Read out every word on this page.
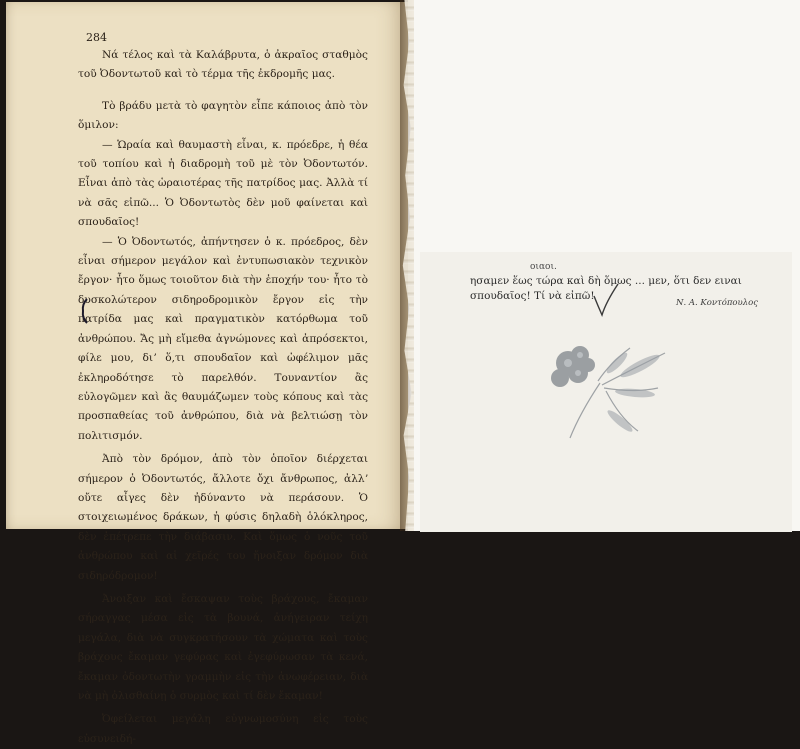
284

Νά τέλος καὶ τὰ Καλάβρυτα, ὁ ἀκραῖος σταθμὸς τοῦ Ὀδοντωτοῦ καὶ τὸ τέρμα τῆς ἐκδρομῆς μας.

Τὸ βράδυ μετὰ τὸ φαγητὸν εἶπε κάποιος ἀπὸ τὸν ὅμιλον:

— Ὡραία καὶ θαυμαστὴ εἶναι, κ. πρόεδρε, ἡ θέα τοῦ τοπίου καὶ ἡ διαδρομὴ τοῦ μὲ τὸν Ὀδοντωτόν. Εἶναι ἀπὸ τὰς ὡραιοτέρας τῆς πατρίδος μας. Ἀλλὰ τί νὰ σᾶς εἰπῶ... Ὁ Ὀδοντωτὸς δὲν μοῦ φαίνεται καὶ σπουδαῖος!

— Ὁ Ὀδοντωτός, ἀπήντησεν ὁ κ. πρόεδρος, δὲν εἶναι σήμερον μεγάλον καὶ ἐντυπωσιακὸν τεχνικὸν ἔργον· ἦτο ὅμως τοιοῦτον διὰ τὴν ἐποχήν του· ἦτο τὸ δυσκολώτερον σιδηροδρομικὸν ἔργον εἰς τὴν πατρίδα μας καὶ πραγματικὸν κατόρθωμα τοῦ ἀνθρώπου. Ἄς μὴ εἴμεθα ἀγνώμονες καὶ ἀπρόσεκτοι, φίλε μου, διʼ ὅ,τι σπουδαῖον καὶ ὠφέλιμον μᾶς ἐκληροδότησε τὸ παρελθόν. Τουναντίον ἂς εὐλογῶμεν καὶ ἂς θαυμάζωμεν τοὺς κόπους καὶ τὰς προσπαθείας τοῦ ἀνθρώπου, διὰ νὰ βελτιώσῃ τὸν πολιτισμόν.

Ἀπὸ τὸν δρόμον, ἀπὸ τὸν ὁποῖον διέρχεται σήμερον ὁ Ὀδοντωτός, ἄλλοτε ὄχι ἄνθρωπος, ἀλλʼ οὔτε αἶγες δὲν ἠδύναντο νὰ περάσουν. Ὁ στοιχειωμένος δράκων, ἡ φύσις δηλαδὴ ὁλόκληρος, δὲν ἐπέτρεπε τὴν διάβασιν. Καὶ ὅμως ὁ νοῦς τοῦ ἀνθρώπου καὶ αἱ χεῖρές του ἤνοιξαν δρόμον διὰ σιδηρόδρομον!

Ἀνοιξαν καὶ ἔσκαψαν τοὺς βράχους, ἔκαμαν σήραγγας μέσα εἰς τὰ βουνά, ἀνήγειραν τείχη μεγάλα, διὰ νὰ συγκρατήσουν τὰ χώματα καὶ τοὺς βράχους ἔκαμαν γεφύρας καὶ ἐγεφύρωσαν τὰ κενά, ἔκαμαν ὀδοντωτὴν γραμμὴν εἰς τὴν ἀνωφέρειαν, διὰ νὰ μὴ ὀλισθαίνῃ ὁ συρμὸς καὶ τί δὲν ἔκαμαν!

Ὀφείλεται μεγάλη εὐγνωμοσύνη εἰς τοὺς εὐσυνειδή-

οιαοι.
ησαμεν ἕως τώρα καὶ δὴ ὅμως ... μεν, ὅτι δεν ειναι
σπουδαῖος! Τί νὰ εἰπῶ!
Ν. Α. Κοντόπουλος
